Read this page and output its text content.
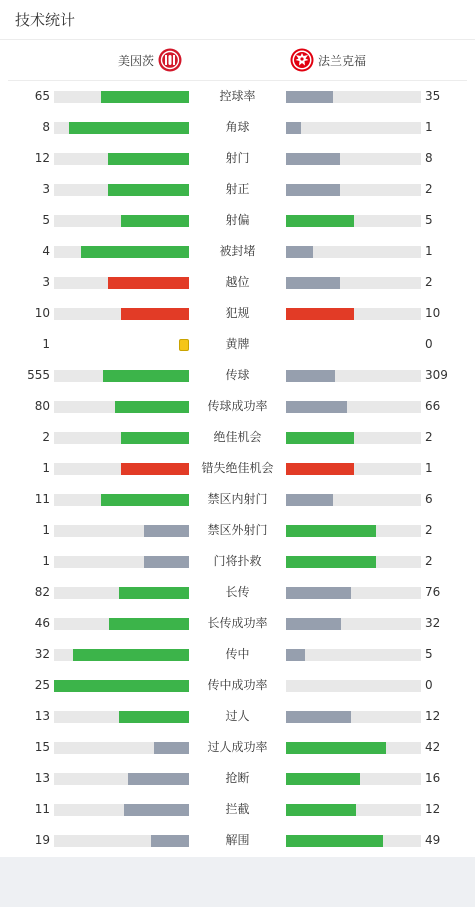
技术统计
美因茨	法兰克福
65	控球率	35
8	角球	1
12	射门	8
3	射正	2
5	射偏	5
4	被封堵	1
3	越位	2
10	犯规	10
1	黄牌	0
555	传球	309
80	传球成功率	66
2	绝佳机会	2
1	错失绝佳机会	1
11	禁区内射门	6
1	禁区外射门	2
1	门将扑救	2
82	长传	76
46	长传成功率	32
32	传中	5
25	传中成功率	0
13	过人	12
15	过人成功率	42
13	抢断	16
11	拦截	12
19	解围	49
